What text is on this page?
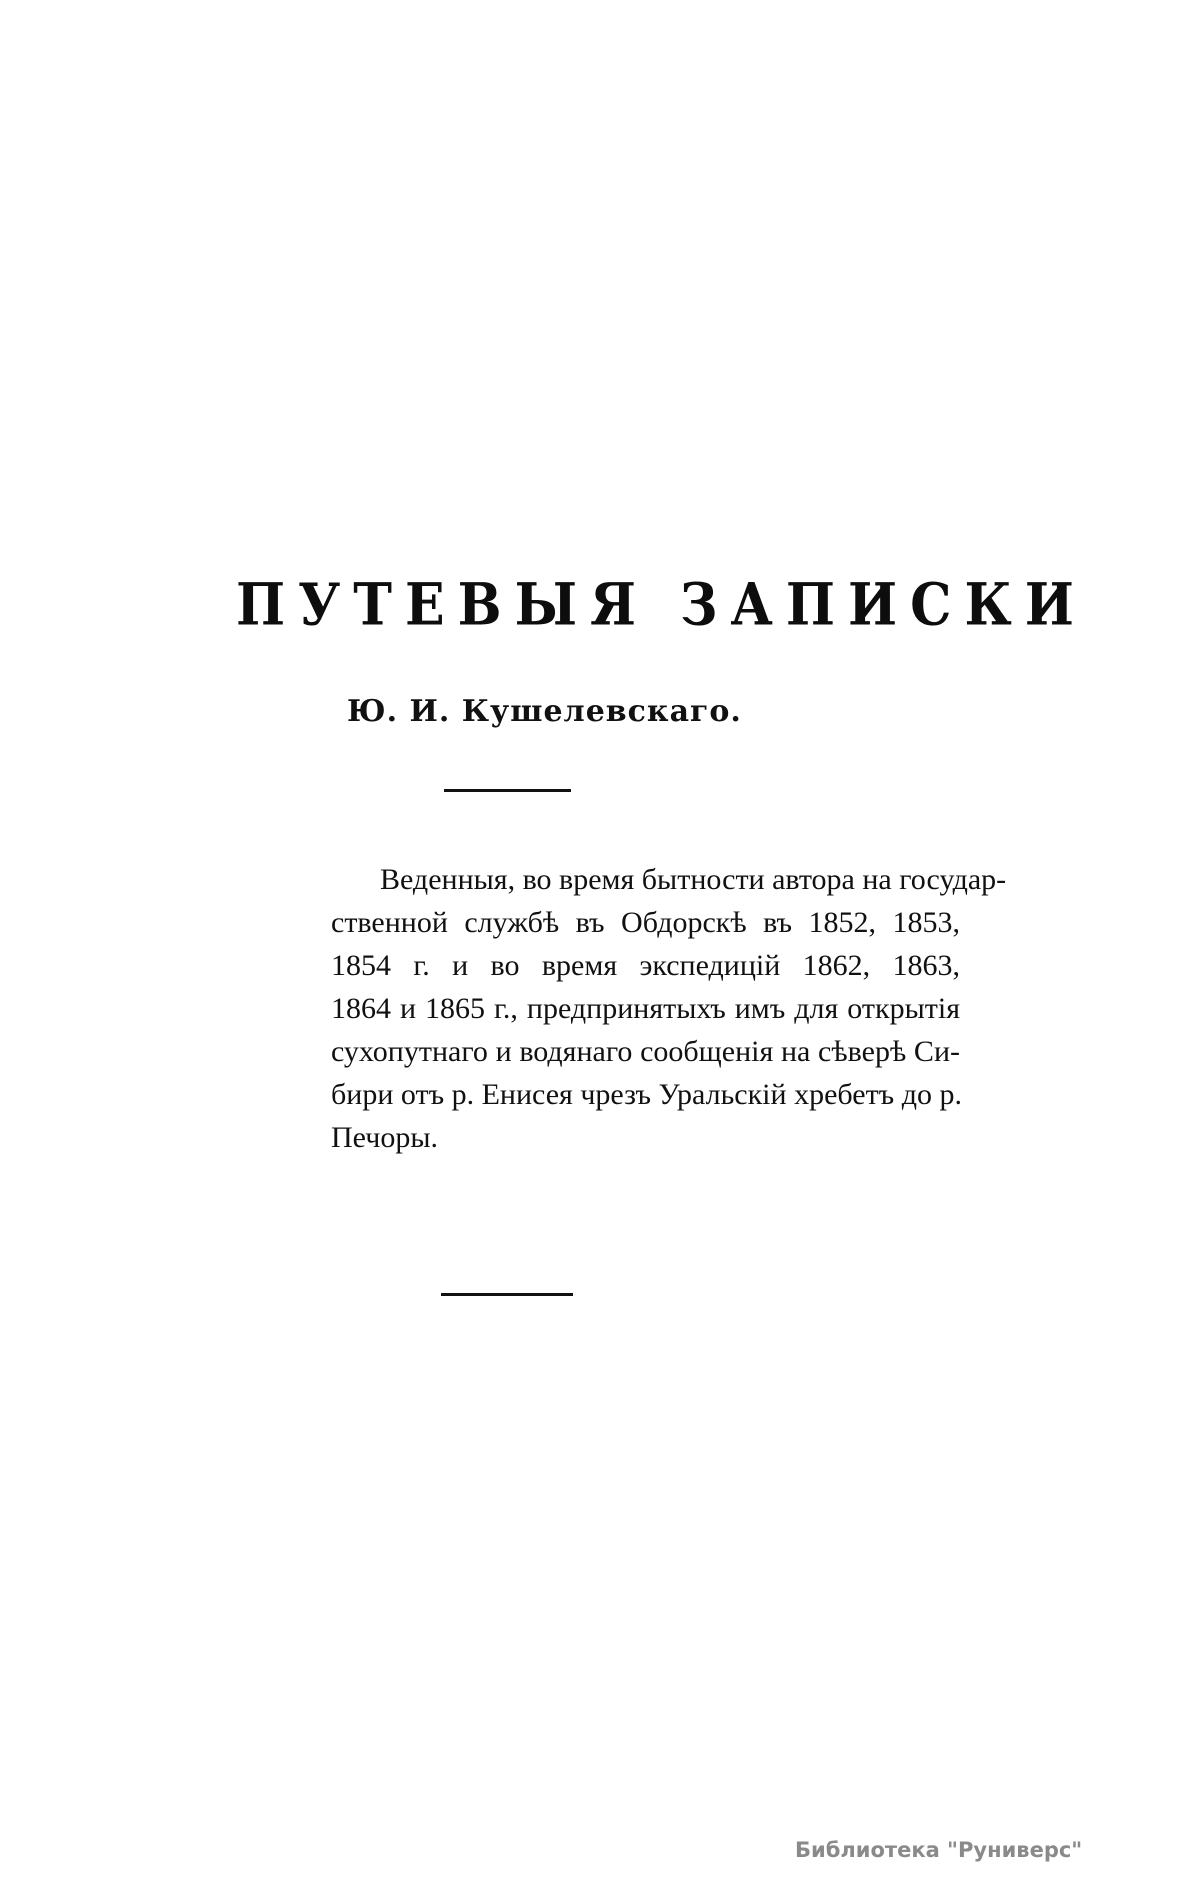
ПУТЕВЫЯ ЗАПИСКИ
Ю. И. Кушелевскаго.
Веденныя, во время бытности автора на государ-
ственной службѣ въ Обдорскѣ въ 1852, 1853,
1854 г. и во время экспедицій 1862, 1863,
1864 и 1865 г., предпринятыхъ имъ для открытія
сухопутнаго и водянаго сообщенія на сѣверѣ Си-
бири отъ р. Енисея чрезъ Уральскій хребетъ до р.
Печоры.
Библиотека "Руниверс"
